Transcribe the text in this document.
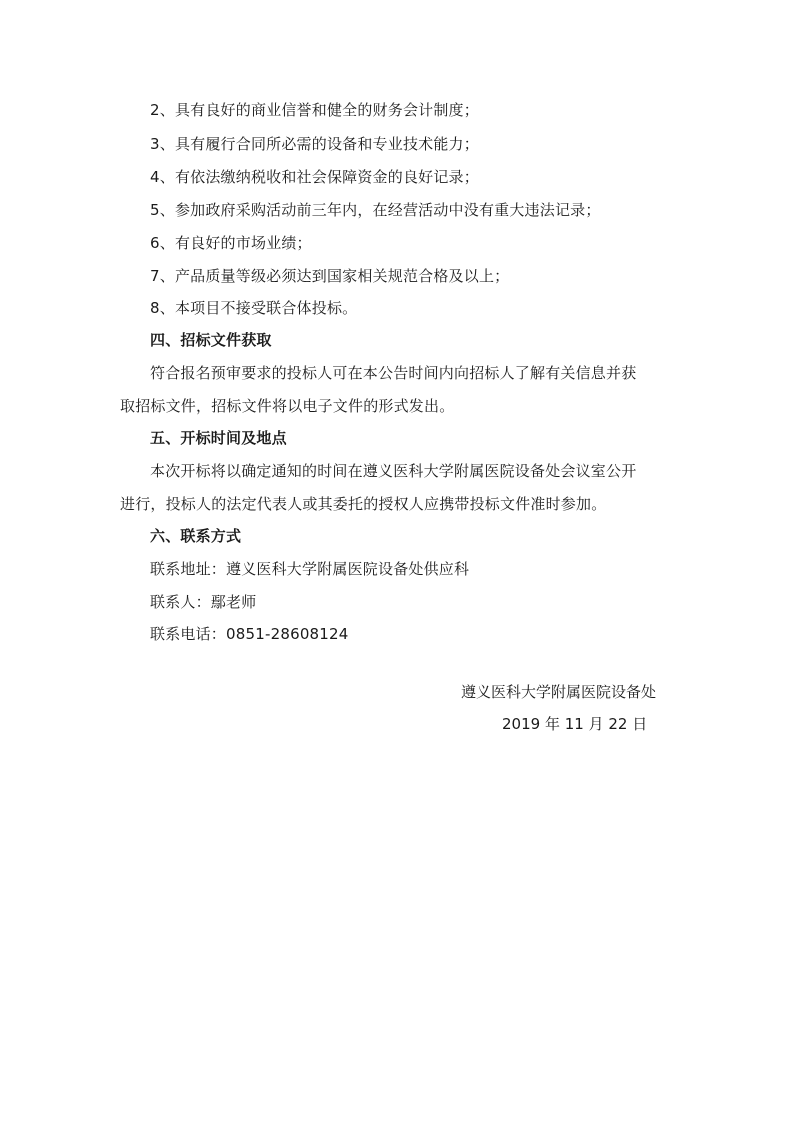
2、具有良好的商业信誉和健全的财务会计制度；
3、具有履行合同所必需的设备和专业技术能力；
4、有依法缴纳税收和社会保障资金的良好记录；
5、参加政府采购活动前三年内，在经营活动中没有重大违法记录；
6、有良好的市场业绩；
7、产品质量等级必须达到国家相关规范合格及以上；
8、本项目不接受联合体投标。
四、招标文件获取
符合报名预审要求的投标人可在本公告时间内向招标人了解有关信息并获
取招标文件，招标文件将以电子文件的形式发出。
五、开标时间及地点
本次开标将以确定通知的时间在遵义医科大学附属医院设备处会议室公开
进行，投标人的法定代表人或其委托的授权人应携带投标文件准时参加。
六、联系方式
联系地址：遵义医科大学附属医院设备处供应科
联系人：鄢老师
联系电话：0851-28608124
遵义医科大学附属医院设备处
2019 年 11 月 22 日
